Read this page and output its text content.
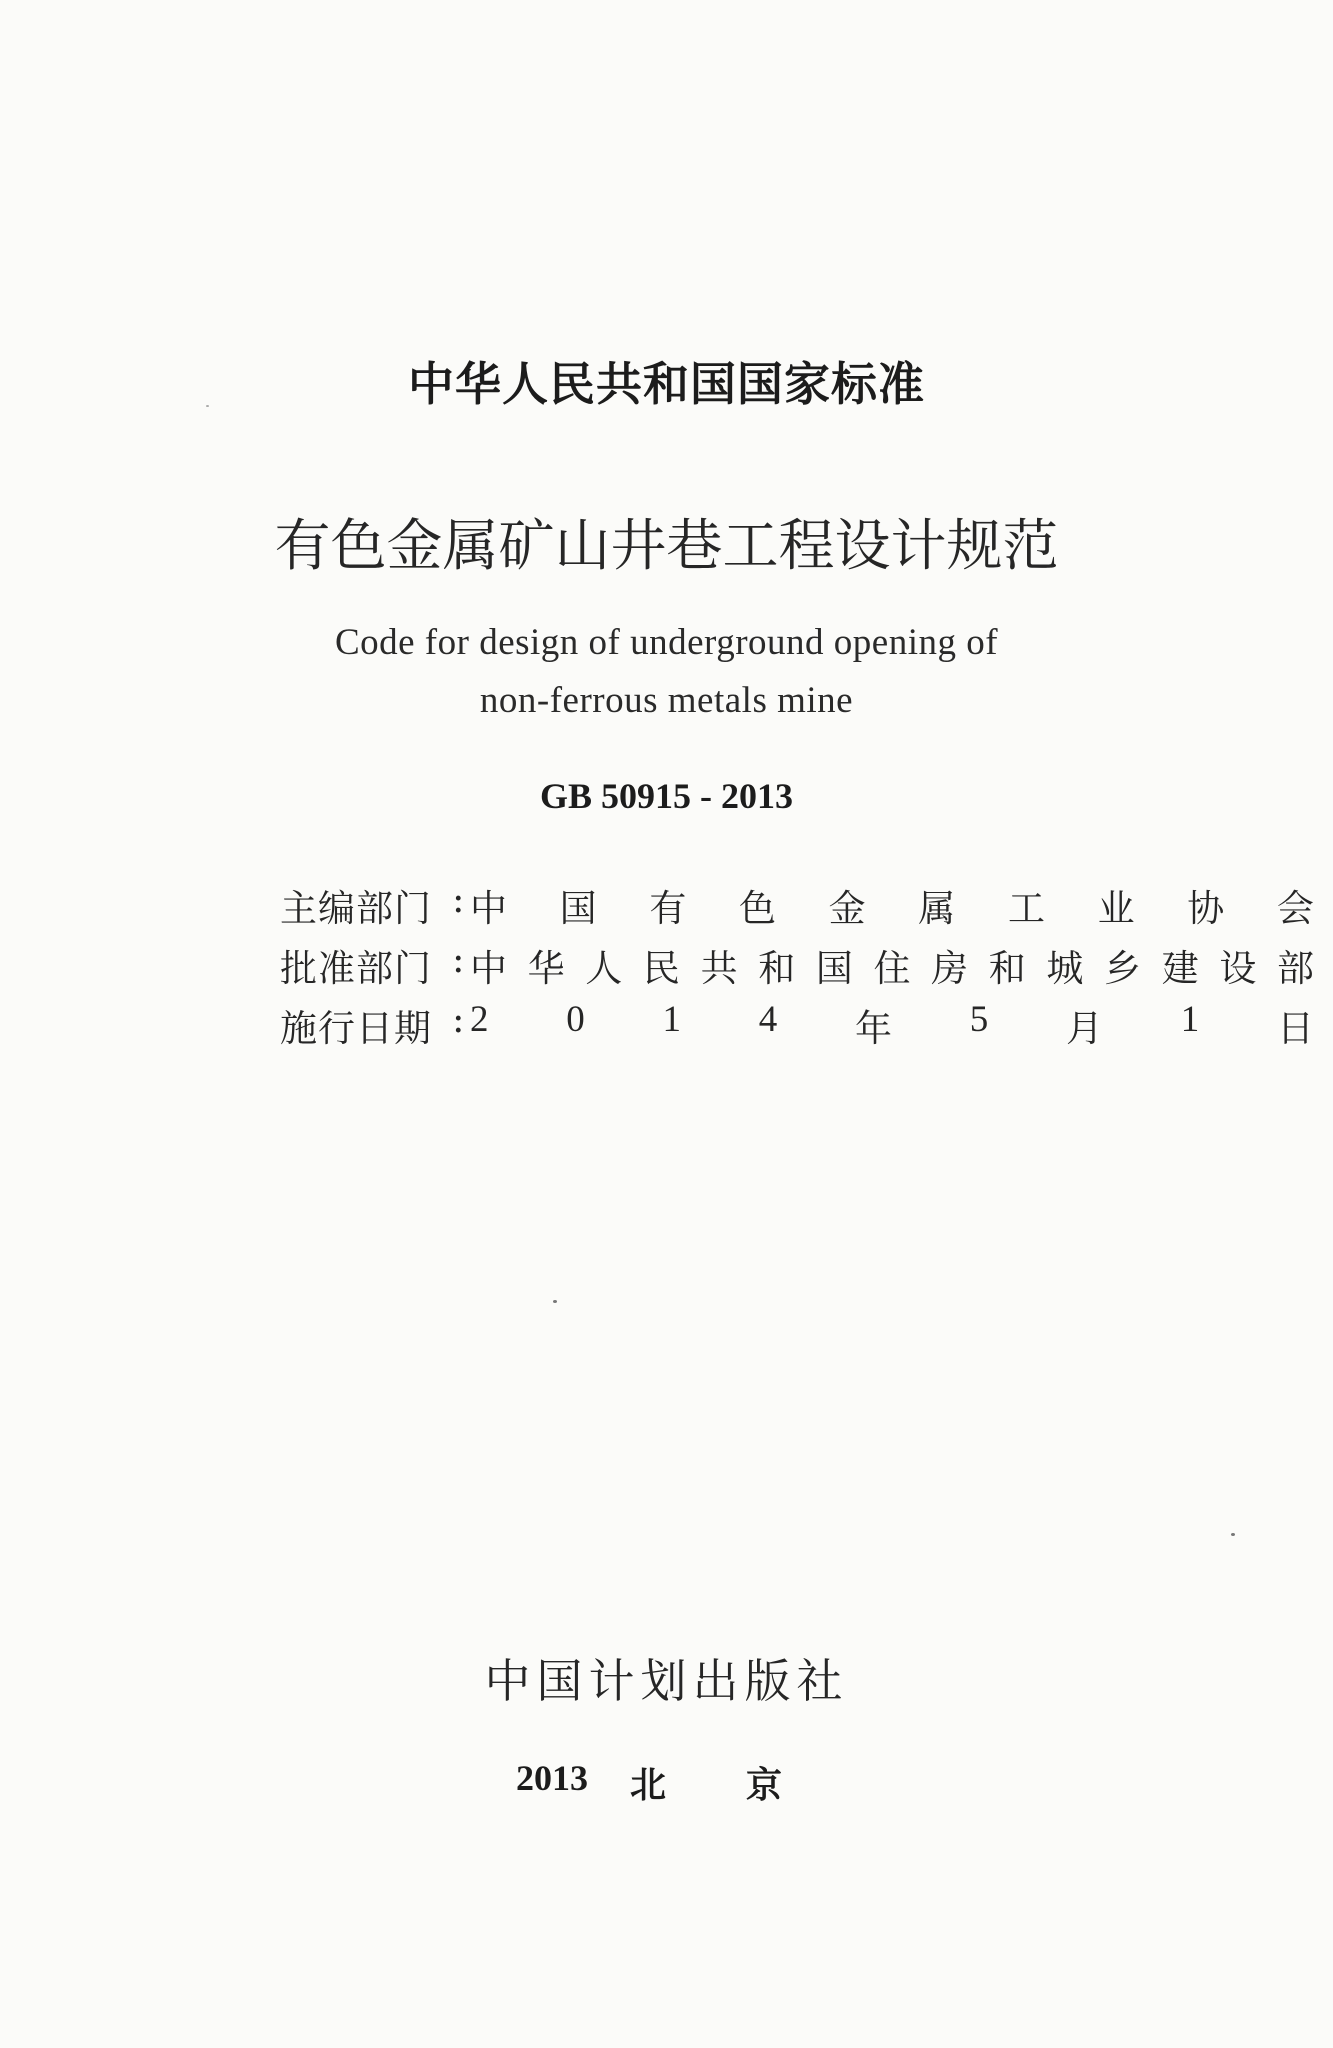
中华人民共和国国家标准
有色金属矿山井巷工程设计规范
Code for design of underground opening of
non-ferrous metals mine
GB 50915 - 2013
主编部门 : 中 国 有 色 金 属 工 业 协 会
批准部门 : 中 华 人 民 共 和 国 住 房 和 城 乡 建 设 部
施行日期 : 2 0 1 4 年 5 月 1 日
中国计划出版社
2013 北 京
